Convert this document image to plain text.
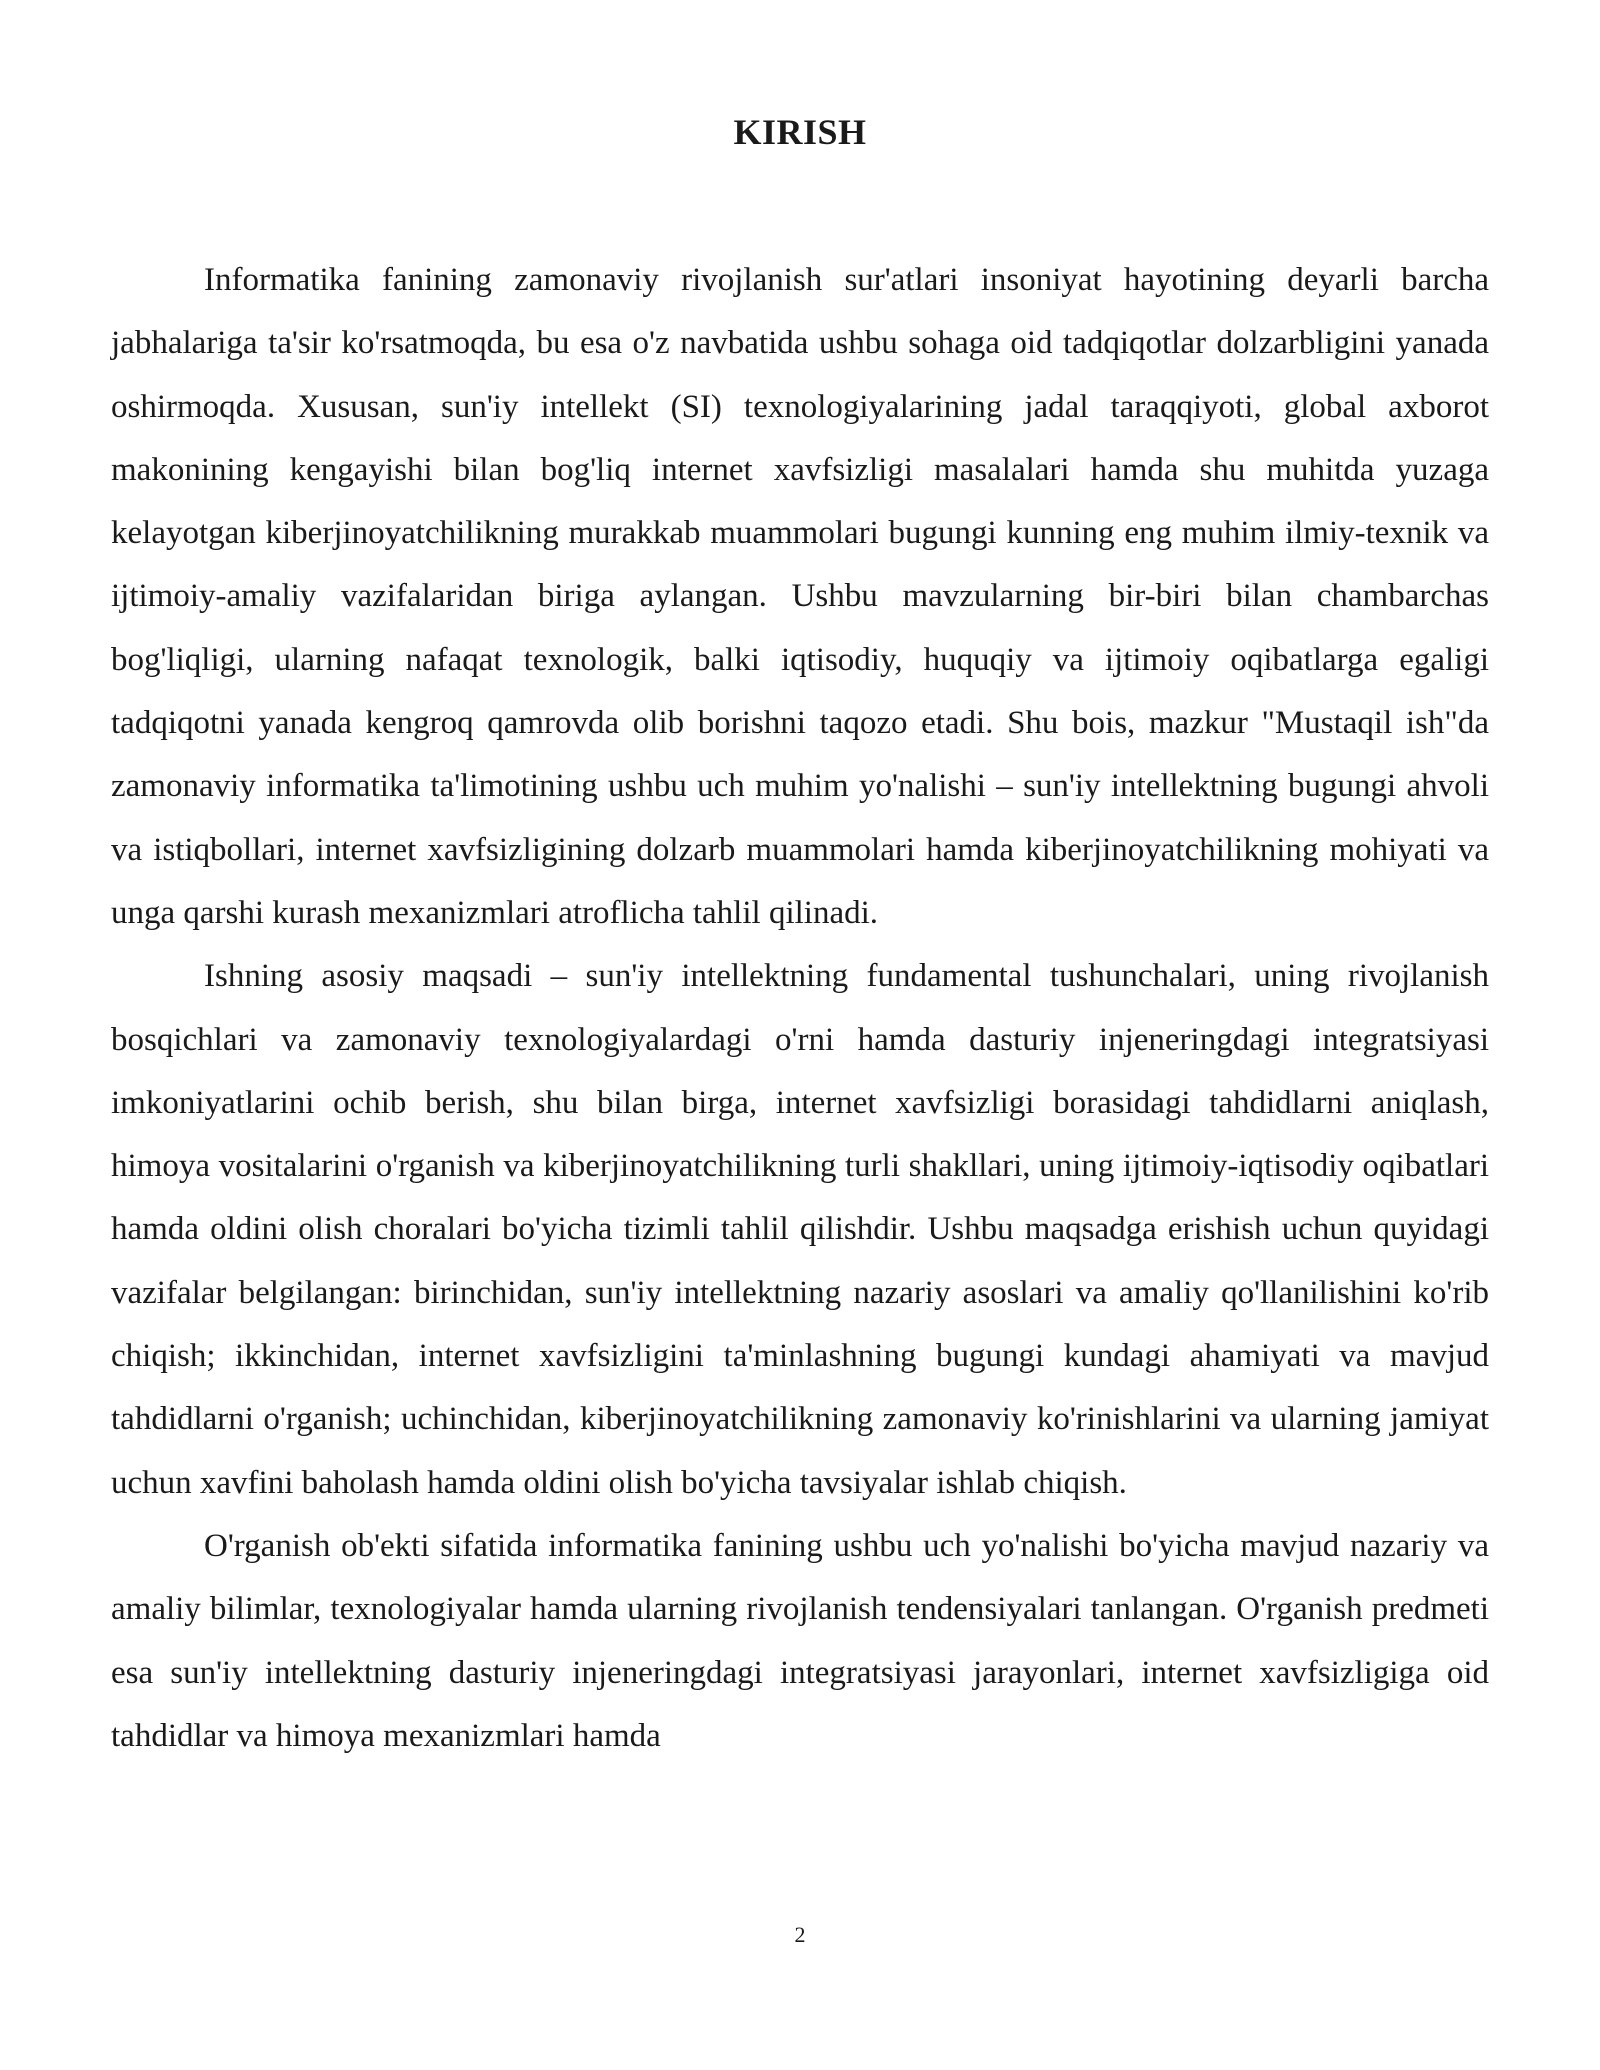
KIRISH

Informatika fanining zamonaviy rivojlanish sur'atlari insoniyat hayotining deyarli barcha jabhalariga ta'sir ko'rsatmoqda, bu esa o'z navbatida ushbu sohaga oid tadqiqotlar dolzarbligini yanada oshirmoqda. Xususan, sun'iy intellekt (SI) texnologiyalarining jadal taraqqiyoti, global axborot makonining kengayishi bilan bog'liq internet xavfsizligi masalalari hamda shu muhitda yuzaga kelayotgan kiberjinoyatchilikning murakkab muammolari bugungi kunning eng muhim ilmiy-texnik va ijtimoiy-amaliy vazifalaridan biriga aylangan. Ushbu mavzularning bir-biri bilan chambarchas bog'liqligi, ularning nafaqat texnologik, balki iqtisodiy, huquqiy va ijtimoiy oqibatlarga egaligi tadqiqotni yanada kengroq qamrovda olib borishni taqozo etadi. Shu bois, mazkur "Mustaqil ish"da zamonaviy informatika ta'limotining ushbu uch muhim yo'nalishi – sun'iy intellektning bugungi ahvoli va istiqbollari, internet xavfsizligining dolzarb muammolari hamda kiberjinoyatchilikning mohiyati va unga qarshi kurash mexanizmlari atroflicha tahlil qilinadi.

Ishning asosiy maqsadi – sun'iy intellektning fundamental tushunchalari, uning rivojlanish bosqichlari va zamonaviy texnologiyalardagi o'rni hamda dasturiy injeneringdagi integratsiyasi imkoniyatlarini ochib berish, shu bilan birga, internet xavfsizligi borasidagi tahdidlarni aniqlash, himoya vositalarini o'rganish va kiberjinoyatchilikning turli shakllari, uning ijtimoiy-iqtisodiy oqibatlari hamda oldini olish choralari bo'yicha tizimli tahlil qilishdir. Ushbu maqsadga erishish uchun quyidagi vazifalar belgilangan: birinchidan, sun'iy intellektning nazariy asoslari va amaliy qo'llanilishini ko'rib chiqish; ikkinchidan, internet xavfsizligini ta'minlashning bugungi kundagi ahamiyati va mavjud tahdidlarni o'rganish; uchinchidan, kiberjinoyatchilikning zamonaviy ko'rinishlarini va ularning jamiyat uchun xavfini baholash hamda oldini olish bo'yicha tavsiyalar ishlab chiqish.

O'rganish ob'ekti sifatida informatika fanining ushbu uch yo'nalishi bo'yicha mavjud nazariy va amaliy bilimlar, texnologiyalar hamda ularning rivojlanish tendensiyalari tanlangan. O'rganish predmeti esa sun'iy intellektning dasturiy injeneringdagi integratsiyasi jarayonlari, internet xavfsizligiga oid tahdidlar va himoya mexanizmlari hamda

2
